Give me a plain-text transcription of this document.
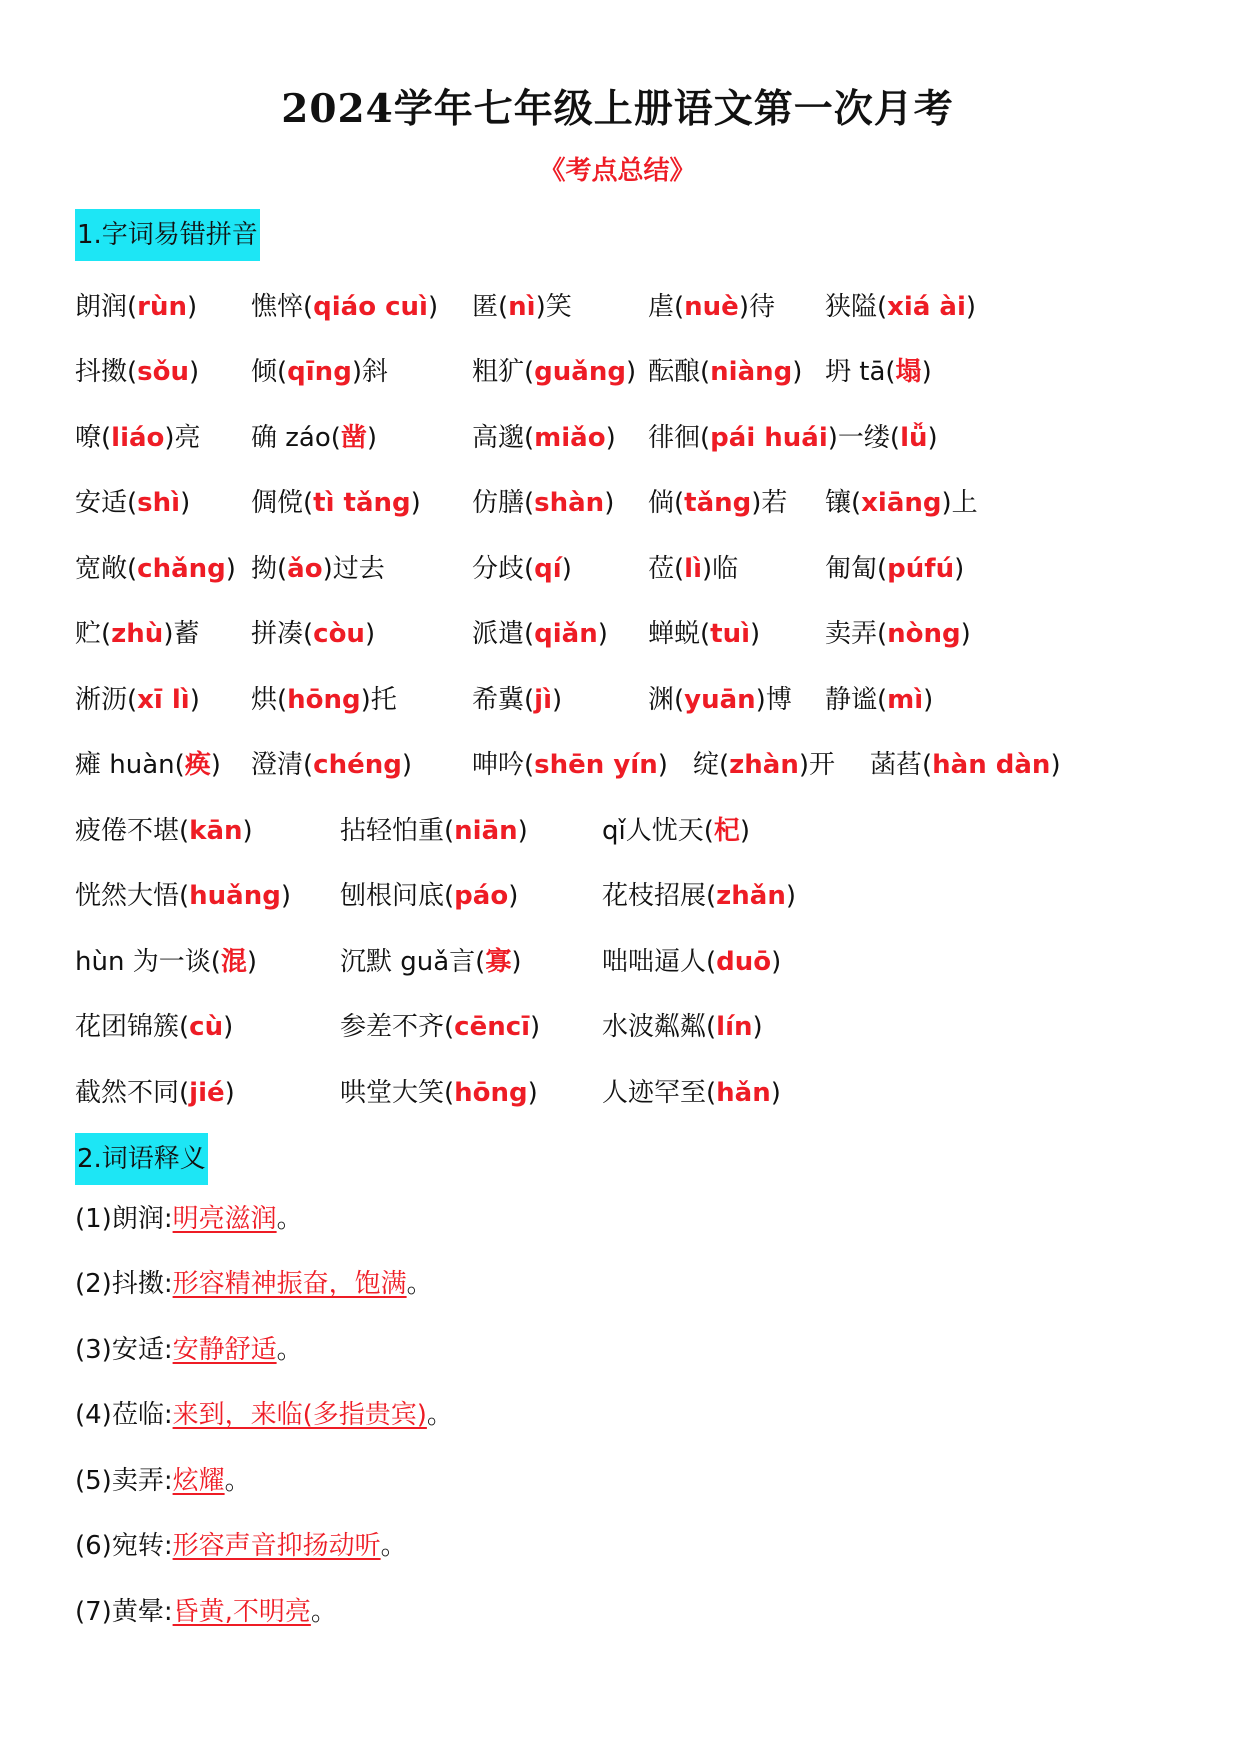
2024学年七年级上册语文第一次月考
《考点总结》
1.字词易错拼音
朗润(rùn) 憔悴(qiáo cuì) 匿(nì)笑	虐(nuè)待 狭隘(xiá ài)
抖擞(sǒu) 倾(qīng)斜	粗犷(guǎng) 酝酿(niàng) 坍 tā(塌)
嘹(liáo)亮 确 záo(凿)	高邈(miǎo) 徘徊(pái huái)一缕(lǚ)
安适(shì) 倜傥(tì tǎng) 仿膳(shàn) 倘(tǎng)若 镶(xiāng)上
宽敞(chǎng) 拗(ǎo)过去	分歧(qí)	莅(lì)临	匍匐(púfú)
贮(zhù)蓄 拼凑(còu)	派遣(qiǎn) 蝉蜕(tuì) 卖弄(nòng)
淅沥(xī lì) 烘(hōng)托	希冀(jì)	渊(yuān)博 静谧(mì)
瘫 huàn(痪) 澄清(chéng) 呻吟(shēn yín) 绽(zhàn)开 菡萏(hàn dàn)
疲倦不堪(kān)	拈轻怕重(niān)	qǐ人忧天(杞)
恍然大悟(huǎng) 刨根问底(páo)	花枝招展(zhǎn)
hùn 为一谈(混)	沉默 guǎ言(寡)	咄咄逼人(duō)
花团锦簇(cù)	参差不齐(cēncī) 水波粼粼(lín)
截然不同(jié)	哄堂大笑(hōng) 人迹罕至(hǎn)
2.词语释义
(1)朗润:明亮滋润。
(2)抖擞:形容精神振奋，饱满。
(3)安适:安静舒适。
(4)莅临:来到，来临(多指贵宾)。
(5)卖弄:炫耀。
(6)宛转:形容声音抑扬动听。
(7)黄晕:昏黄,不明亮。
